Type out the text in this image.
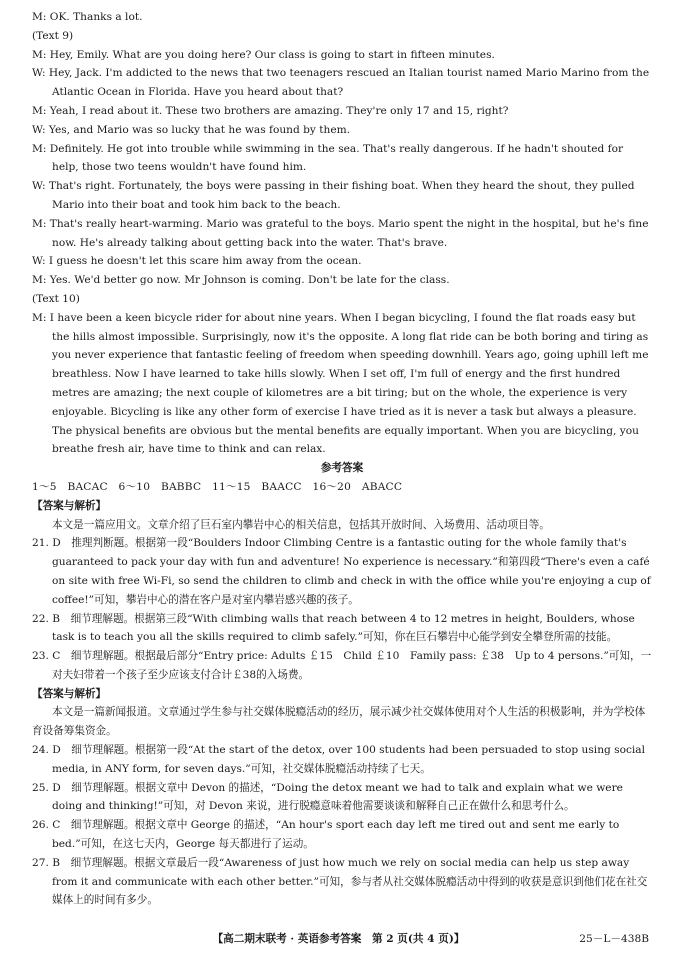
M: OK. Thanks a lot.

(Text 9)

M: Hey, Emily. What are you doing here? Our class is going to start in fifteen minutes.

W: Hey, Jack. I'm addicted to the news that two teenagers rescued an Italian tourist named Mario Marino from the Atlantic Ocean in Florida. Have you heard about that?

M: Yeah, I read about it. These two brothers are amazing. They're only 17 and 15, right?

W: Yes, and Mario was so lucky that he was found by them.

M: Definitely. He got into trouble while swimming in the sea. That's really dangerous. If he hadn't shouted for help, those two teens wouldn't have found him.

W: That's right. Fortunately, the boys were passing in their fishing boat. When they heard the shout, they pulled Mario into their boat and took him back to the beach.

M: That's really heart-warming. Mario was grateful to the boys. Mario spent the night in the hospital, but he's fine now. He's already talking about getting back into the water. That's brave.

W: I guess he doesn't let this scare him away from the ocean.

M: Yes. We'd better go now. Mr Johnson is coming. Don't be late for the class.

(Text 10)

M: I have been a keen bicycle rider for about nine years. When I began bicycling, I found the flat roads easy but the hills almost impossible. Surprisingly, now it's the opposite. A long flat ride can be both boring and tiring as you never experience that fantastic feeling of freedom when speeding downhill. Years ago, going uphill left me breathless. Now I have learned to take hills slowly. When I set off, I'm full of energy and the first hundred metres are amazing; the next couple of kilometres are a bit tiring; but on the whole, the experience is very enjoyable. Bicycling is like any other form of exercise I have tried as it is never a task but always a pleasure. The physical benefits are obvious but the mental benefits are equally important. When you are bicycling, you breathe fresh air, have time to think and can relax.

参考答案

1～5　BACAC　6～10　BABBC　11～15　BAACC　16～20　ABACC

【答案与解析】

本文是一篇应用文。文章介绍了巨石室内攀岩中心的相关信息，包括其开放时间、入场费用、活动项目等。

21. D　推理判断题。根据第一段“Boulders Indoor Climbing Centre is a fantastic outing for the whole family that's guaranteed to pack your day with fun and adventure! No experience is necessary.”和第四段“There's even a café on site with free Wi-Fi, so send the children to climb and check in with the office while you're enjoying a cup of coffee!”可知，攀岩中心的潜在客户是对室内攀岩感兴趣的孩子。

22. B　细节理解题。根据第三段“With climbing walls that reach between 4 to 12 metres in height, Boulders, whose task is to teach you all the skills required to climb safely.”可知，你在巨石攀岩中心能学到安全攀登所需的技能。

23. C　细节理解题。根据最后部分“Entry price: Adults ￡15　Child ￡10　Family pass: ￡38　Up to 4 persons.”可知，一对夫妇带着一个孩子至少应该支付合计￡38的入场费。

【答案与解析】

本文是一篇新闻报道。文章通过学生参与社交媒体脱瘾活动的经历，展示减少社交媒体使用对个人生活的积极影响，并为学校体育设备筹集资金。

24. D　细节理解题。根据第一段“At the start of the detox, over 100 students had been persuaded to stop using social media, in ANY form, for seven days.”可知，社交媒体脱瘾活动持续了七天。

25. D　细节理解题。根据文章中 Devon 的描述，“Doing the detox meant we had to talk and explain what we were doing and thinking!”可知，对 Devon 来说，进行脱瘾意味着他需要谈谈和解释自己正在做什么和思考什么。

26. C　细节理解题。根据文章中 George 的描述，“An hour's sport each day left me tired out and sent me early to bed.”可知，在这七天内，George 每天都进行了运动。

27. B　细节理解题。根据文章最后一段“Awareness of just how much we rely on social media can help us step away from it and communicate with each other better.”可知，参与者从社交媒体脱瘾活动中得到的收获是意识到他们花在社交媒体上的时间有多少。

【高二期末联考 · 英语参考答案　第 2 页(共 4 页)】	25－L－438B
